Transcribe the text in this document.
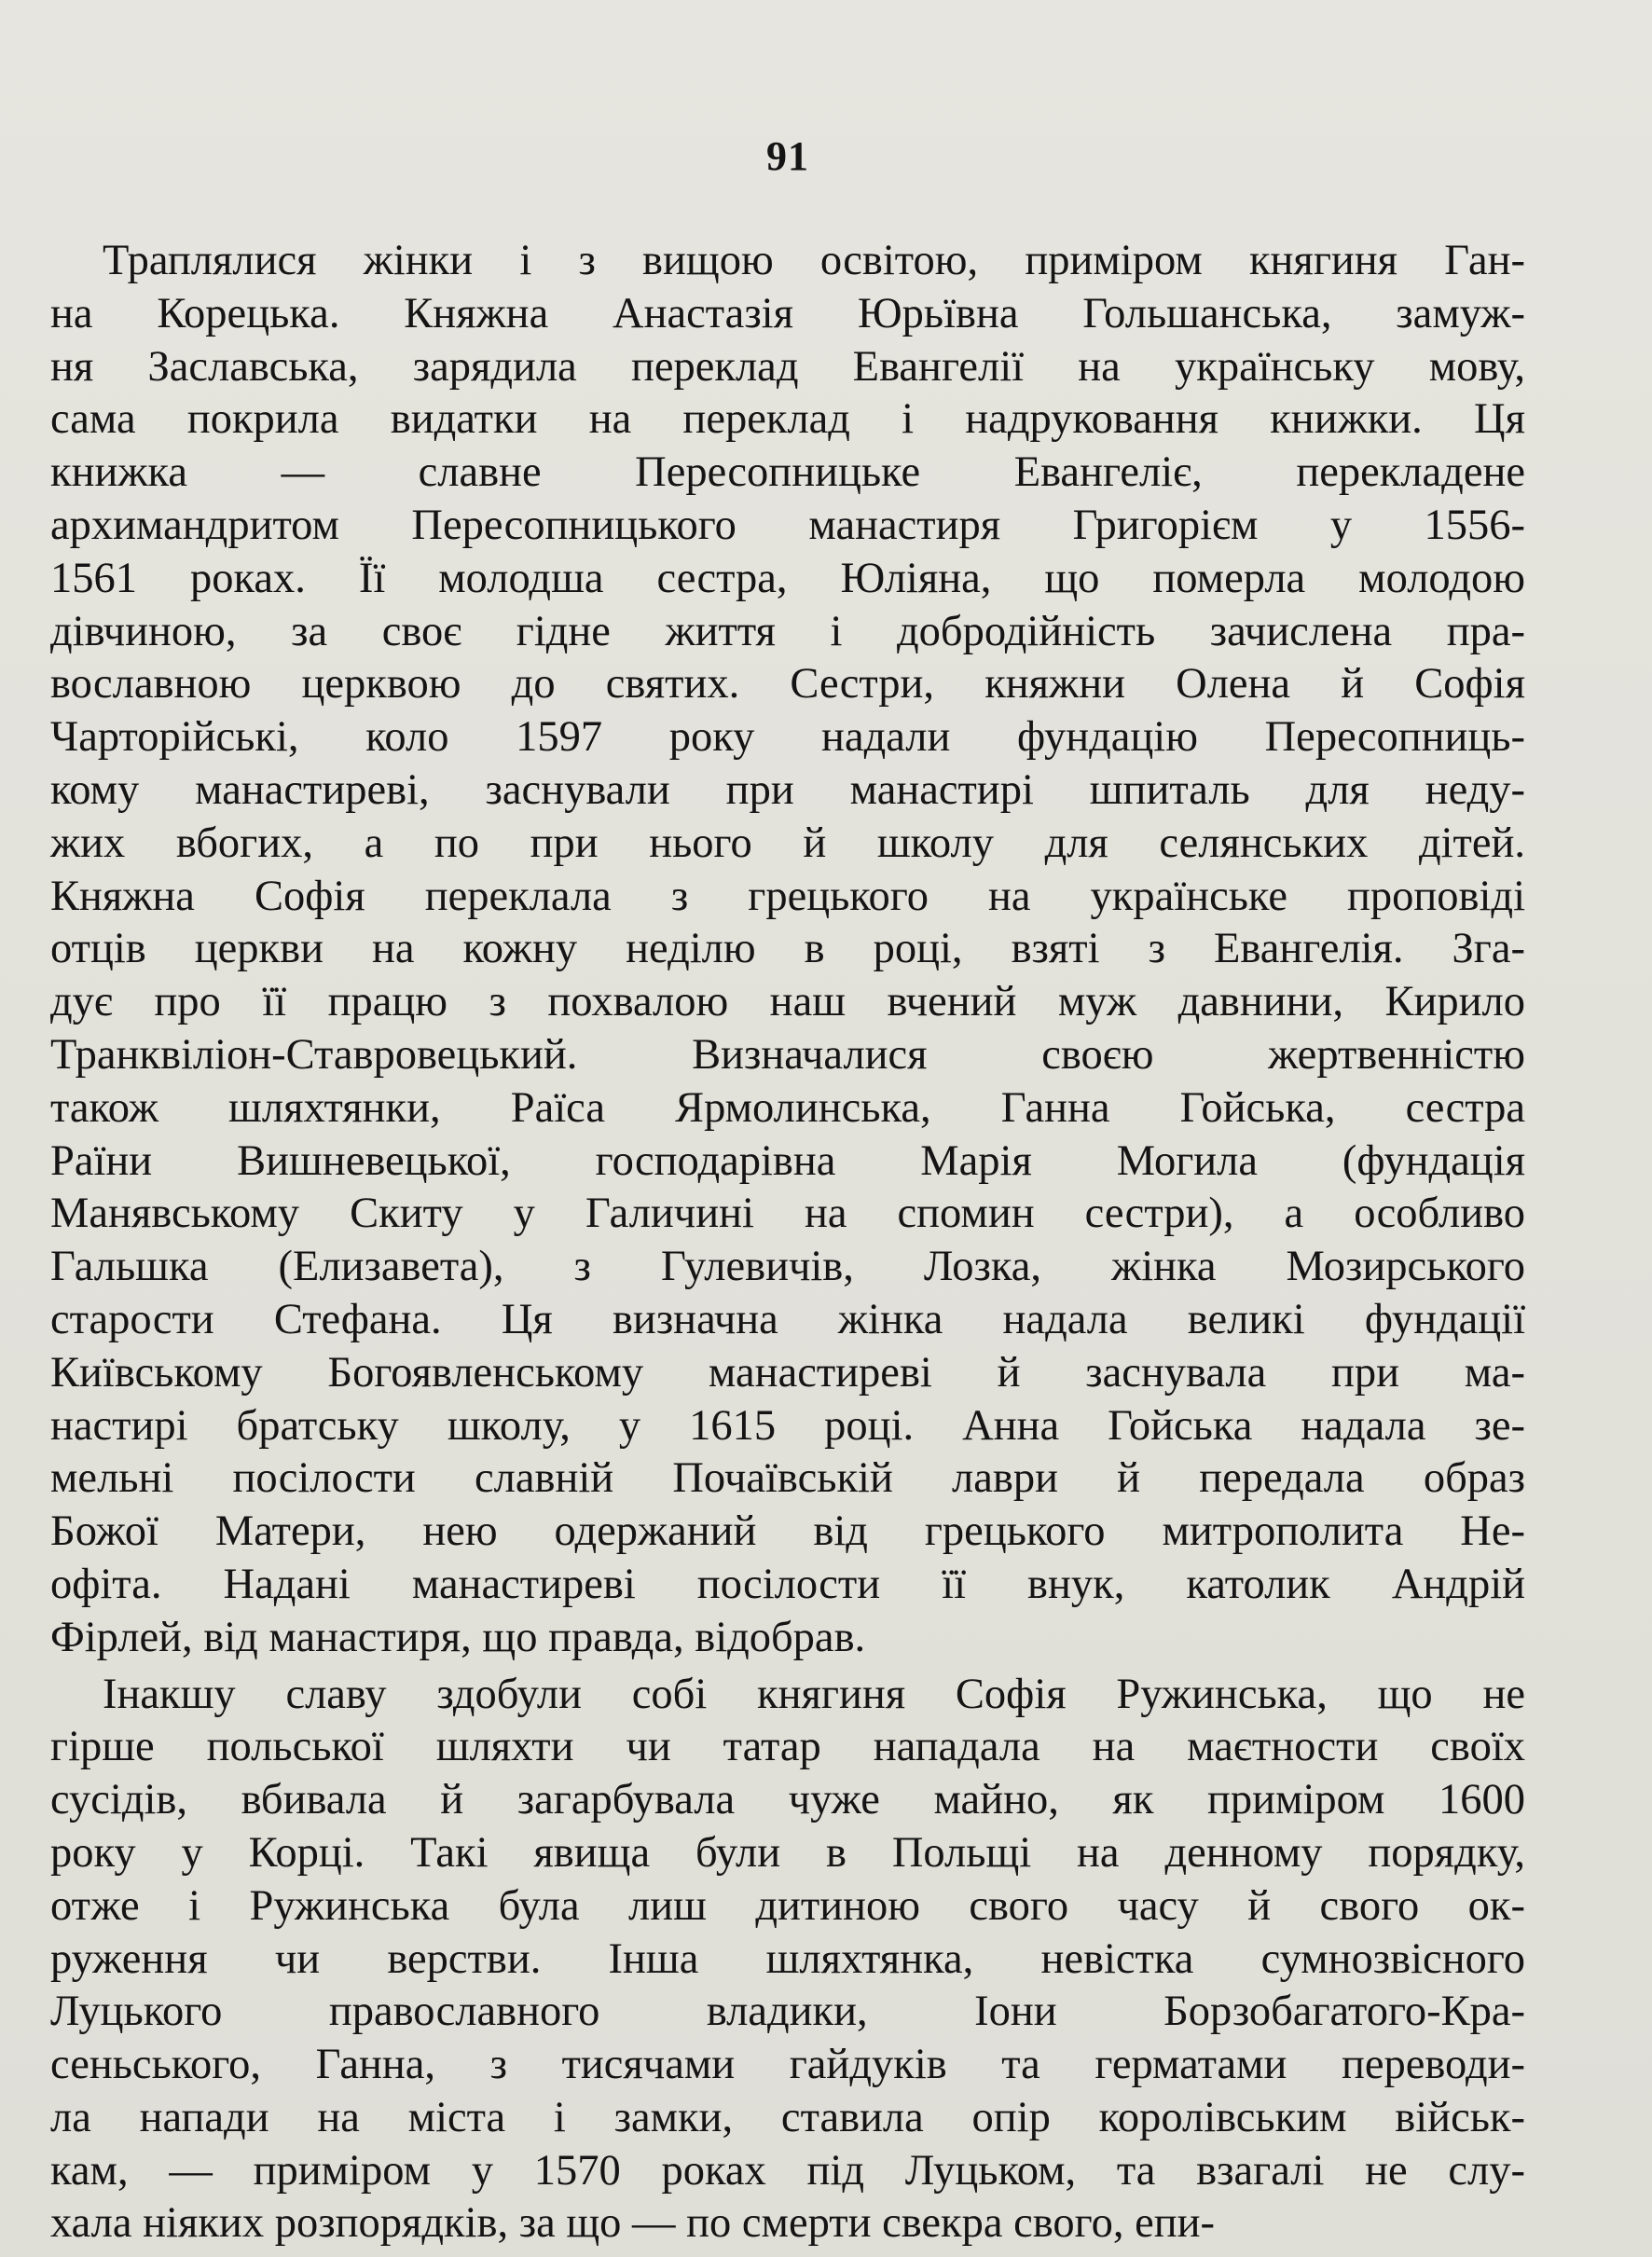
91
Траплялися жінки і з вищою освітою, приміром княгиня Ган-
на Корецька. Княжна Анастазія Юрьївна Гольшанська, замуж-
ня Заславська, зарядила переклад Евангелії на українську мову,
сама покрила видатки на переклад і надруковання книжки. Ця
книжка — славне Пересопницьке Евангеліє, перекладене
архимандритом Пересопницького манастиря Григорієм у 1556-
1561 роках. Її молодша сестра, Юліяна, що померла молодою
дівчиною, за своє гідне життя і добродійність зачислена пра-
вославною церквою до святих. Сестри, княжни Олена й Софія
Чарторійські, коло 1597 року надали фундацію Пересопниць-
кому манастиреві, заснували при манастирі шпиталь для неду-
жих вбогих, а по при нього й школу для селянських дітей.
Княжна Софія переклала з грецького на українське проповіді
отців церкви на кожну неділю в році, взяті з Евангелія. Зга-
дує про її працю з похвалою наш вчений муж давнини, Кирило
Транквіліон-Ставровецький. Визначалися своєю жертвенністю
також шляхтянки, Раїса Ярмолинська, Ганна Гойська, сестра
Раїни Вишневецької, господарівна Марія Могила (фундація
Манявському Скиту у Галичині на спомин сестри), а особливо
Гальшка (Елизавета), з Гулевичів, Лозка, жінка Мозирського
старости Стефана. Ця визначна жінка надала великі фундації
Київському Богоявленському манастиреві й заснувала при ма-
настирі братську школу, у 1615 році. Анна Гойська надала зе-
мельні посілости славній Почаївській лаври й передала образ
Божої Матери, нею одержаний від грецького митрополита Не-
офіта. Надані манастиреві посілости її внук, католик Андрій
Фірлей, від манастиря, що правда, відобрав.
Інакшу славу здобули собі княгиня Софія Ружинська, що не
гірше польської шляхти чи татар нападала на маєтности своїх
сусідів, вбивала й загарбувала чуже майно, як приміром 1600
року у Корці. Такі явища були в Польщі на денному порядку,
отже і Ружинська була лиш дитиною свого часу й свого ок-
руження чи верстви. Інша шляхтянка, невістка сумнозвісного
Луцького православного владики, Іони Борзобагатого-Кра-
сеньського, Ганна, з тисячами гайдуків та герматами переводи-
ла напади на міста і замки, ставила опір королівським військ-
кам, — приміром у 1570 роках під Луцьком, та взагалі не слу-
хала ніяких розпорядків, за що — по смерти свекра свого, епи-
